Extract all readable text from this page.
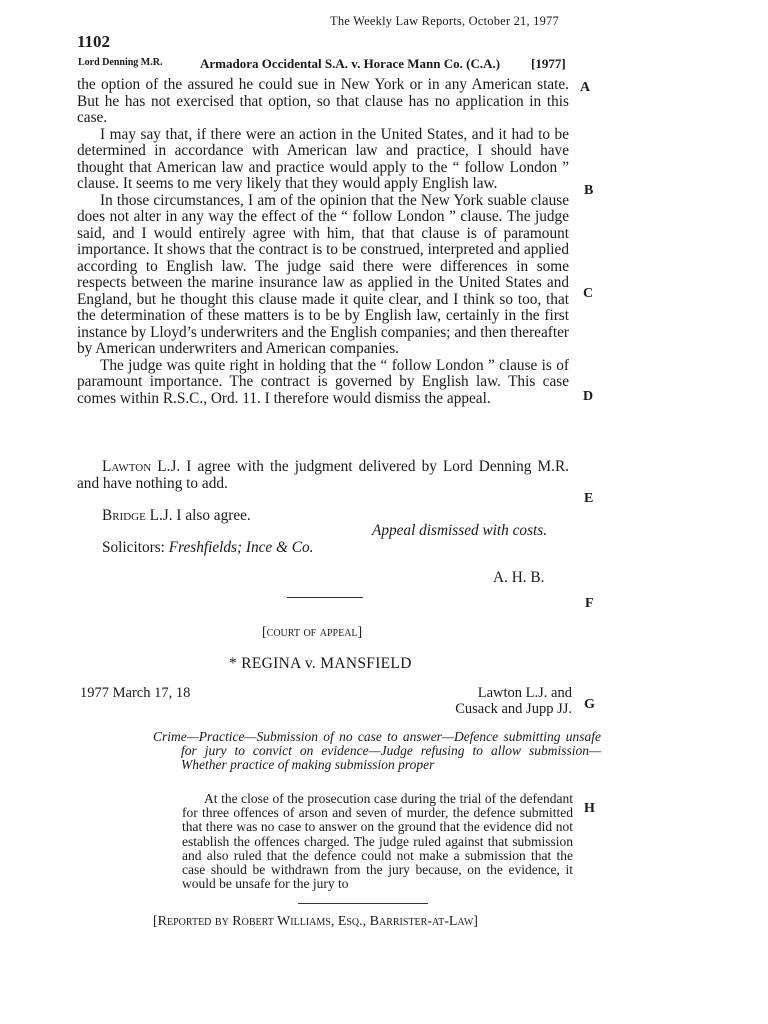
The Weekly Law Reports, October 21, 1977
1102
Lord Denning M.R.	Armadora Occidental S.A. v. Horace Mann Co. (C.A.) [1977]

the option of the assured he could sue in New York or in any American state. But he has not exercised that option, so that clause has no application in this case.

I may say that, if there were an action in the United States, and it had to be determined in accordance with American law and practice, I should have thought that American law and practice would apply to the “ follow London ” clause. It seems to me very likely that they would apply English law.

In those circumstances, I am of the opinion that the New York suable clause does not alter in any way the effect of the “ follow London ” clause. The judge said, and I would entirely agree with him, that that clause is of paramount importance. It shows that the contract is to be construed, interpreted and applied according to English law. The judge said there were differences in some respects between the marine insurance law as applied in the United States and England, but he thought this clause made it quite clear, and I think so too, that the determination of these matters is to be by English law, certainly in the first instance by Lloyd’s underwriters and the English companies; and then thereafter by American underwriters and American companies.

The judge was quite right in holding that the “ follow London ” clause is of paramount importance. The contract is governed by English law. This case comes within R.S.C., Ord. 11. I therefore would dismiss the appeal.

A
B
C
D
E
F
G
H
Lawton L.J. I agree with the judgment delivered by Lord Denning M.R. and have nothing to add.
Bridge L.J. I also agree.
Appeal dismissed with costs.
Solicitors: Freshfields; Ince & Co.
A. H. B.
[court of appeal]
* REGINA v. MANSFIELD
1977 March 17, 18	Lawton L.J. and
Cusack and Jupp JJ.
Crime—Practice—Submission of no case to answer—Defence submitting unsafe for jury to convict on evidence—Judge refusing to allow submission—Whether practice of making submission proper
At the close of the prosecution case during the trial of the defendant for three offences of arson and seven of murder, the defence submitted that there was no case to answer on the ground that the evidence did not establish the offences charged. The judge ruled against that submission and also ruled that the defence could not make a submission that the case should be withdrawn from the jury because, on the evidence, it would be unsafe for the jury to
[Reported by Robert Williams, Esq., Barrister-at-Law]
